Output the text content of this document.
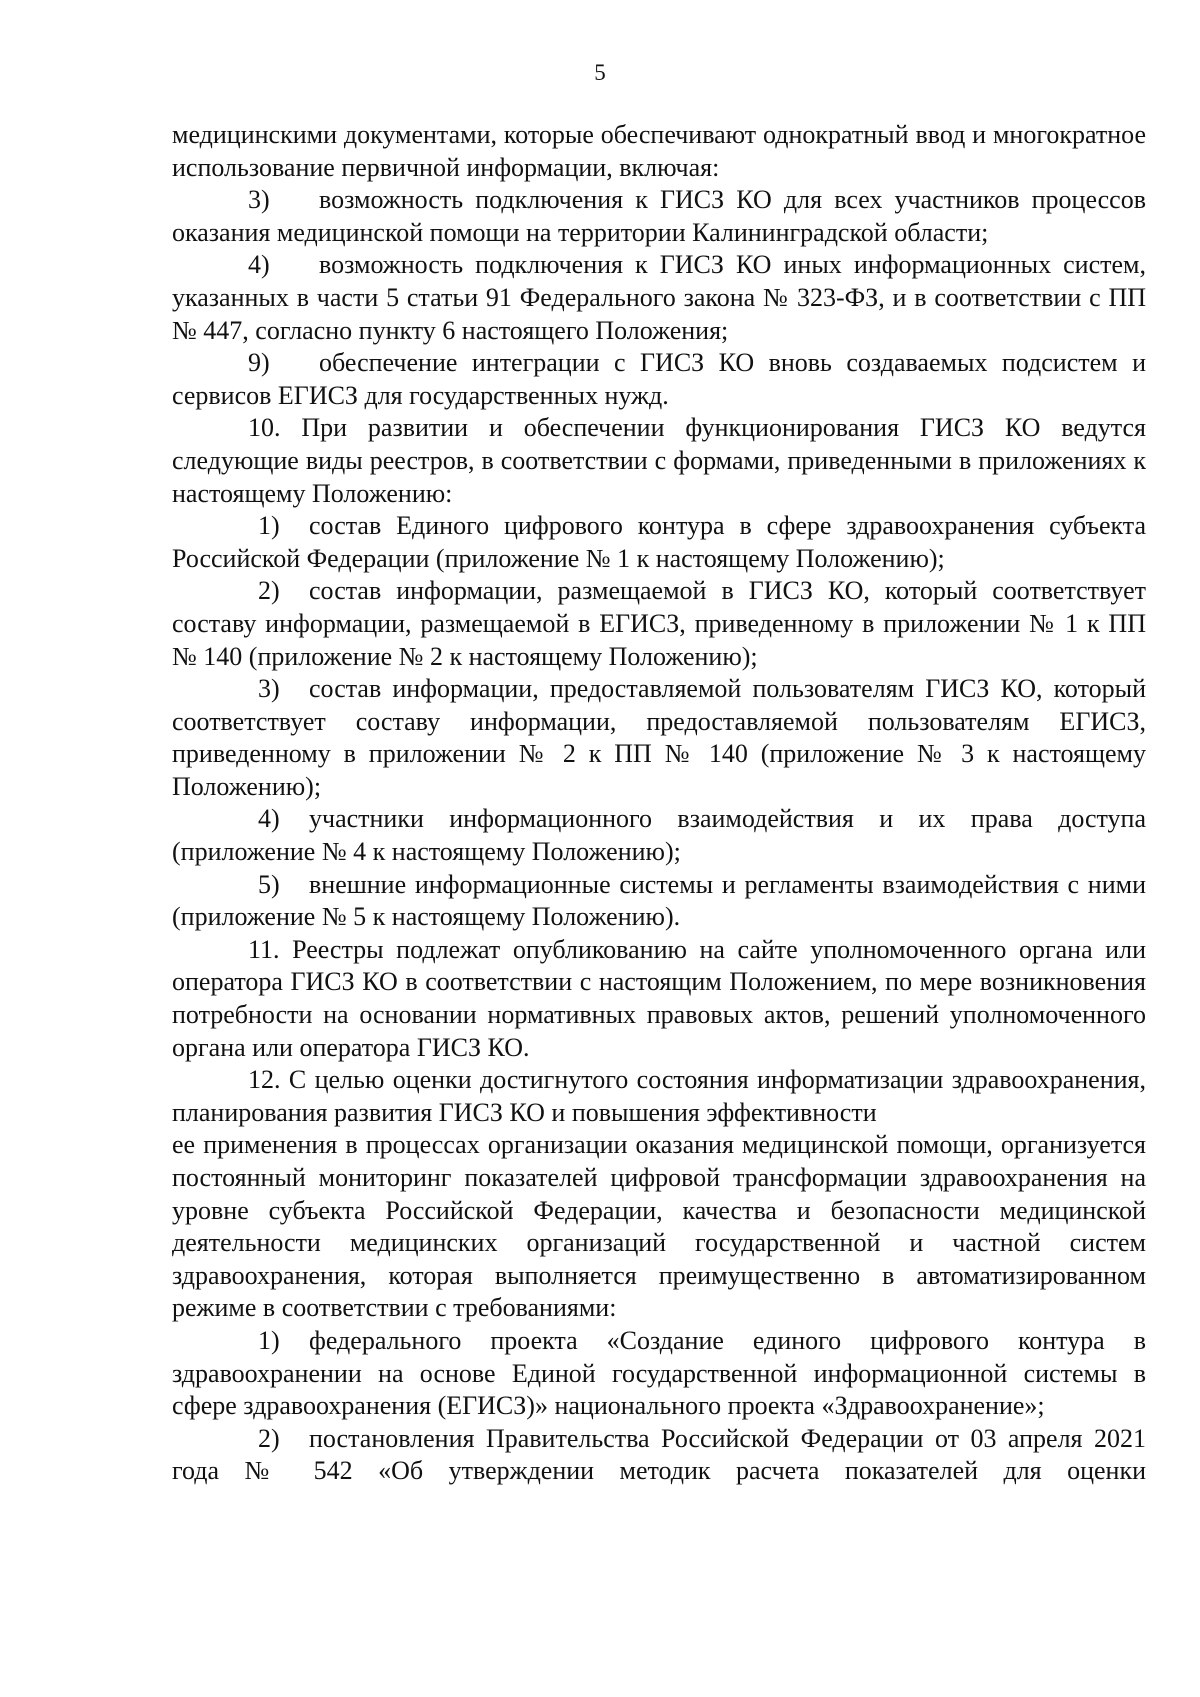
5

медицинскими документами, которые обеспечивают однократный ввод и многократное использование первичной информации, включая:

3) возможность подключения к ГИСЗ КО для всех участников процессов оказания медицинской помощи на территории Калининградской области;

4) возможность подключения к ГИСЗ КО иных информационных систем, указанных в части 5 статьи 91 Федерального закона № 323-ФЗ, и в соответствии с ПП № 447, согласно пункту 6 настоящего Положения;

9) обеспечение интеграции с ГИСЗ КО вновь создаваемых подсистем и сервисов ЕГИСЗ для государственных нужд.

10. При развитии и обеспечении функционирования ГИСЗ КО ведутся следующие виды реестров, в соответствии с формами, приведенными в приложениях к настоящему Положению:

1) состав Единого цифрового контура в сфере здравоохранения субъекта Российской Федерации (приложение № 1 к настоящему Положению);

2) состав информации, размещаемой в ГИСЗ КО, который соответствует составу информации, размещаемой в ЕГИСЗ, приведенному в приложении № 1 к ПП № 140 (приложение № 2 к настоящему Положению);

3) состав информации, предоставляемой пользователям ГИСЗ КО, который соответствует составу информации, предоставляемой пользователям ЕГИСЗ, приведенному в приложении № 2 к ПП № 140 (приложение № 3 к настоящему Положению);

4) участники информационного взаимодействия и их права доступа (приложение № 4 к настоящему Положению);

5) внешние информационные системы и регламенты взаимодействия с ними (приложение № 5 к настоящему Положению).

11. Реестры подлежат опубликованию на сайте уполномоченного органа или оператора ГИСЗ КО в соответствии с настоящим Положением, по мере возникновения потребности на основании нормативных правовых актов, решений уполномоченного органа или оператора ГИСЗ КО.

12. С целью оценки достигнутого состояния информатизации здравоохранения, планирования развития ГИСЗ КО и повышения эффективности

ее применения в процессах организации оказания медицинской помощи, организуется постоянный мониторинг показателей цифровой трансформации здравоохранения на уровне субъекта Российской Федерации, качества и безопасности медицинской деятельности медицинских организаций государственной и частной систем здравоохранения, которая выполняется преимущественно в автоматизированном режиме в соответствии с требованиями:

1) федерального проекта «Создание единого цифрового контура в здравоохранении на основе Единой государственной информационной системы в сфере здравоохранения (ЕГИСЗ)» национального проекта «Здравоохранение»;

2) постановления Правительства Российской Федерации от 03 апреля 2021 года № 542 «Об утверждении методик расчета показателей для оценки
